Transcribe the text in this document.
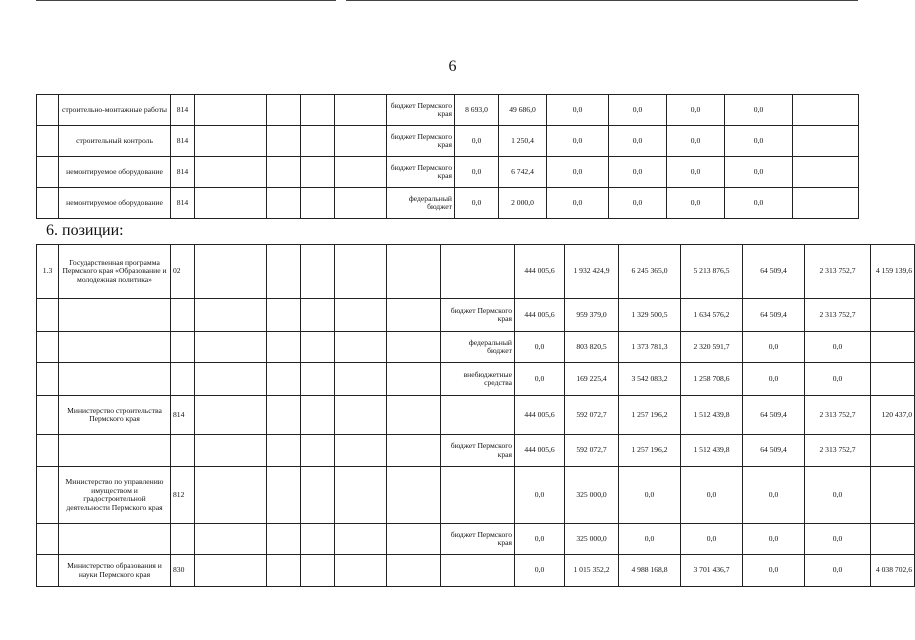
6
	строительно-монтажные работы	814					бюджет Пермского края	8 693,0	49 686,0	0,0	0,0	0,0	0,0	
	строительный контроль	814					бюджет Пермского края	0,0	1 250,4	0,0	0,0	0,0	0,0	
	немонтируемое оборудование	814					бюджет Пермского края	0,0	6 742,4	0,0	0,0	0,0	0,0	
	немонтируемое оборудование	814					федеральный бюджет	0,0	2 000,0	0,0	0,0	0,0	0,0	
6. позиции:
1.3	Государственная программа Пермского края «Образование и молодежная политика»	02							444 005,6	1 932 424,9	6 245 365,0	5 213 876,5	64 509,4	2 313 752,7	4 159 139,6
								бюджет Пермского края	444 005,6	959 379,0	1 329 500,5	1 634 576,2	64 509,4	2 313 752,7	
								федеральный бюджет	0,0	803 820,5	1 373 781,3	2 320 591,7	0,0	0,0	
								внебюджетные средства	0,0	169 225,4	3 542 083,2	1 258 708,6	0,0	0,0	
	Министерство строительства Пермского края	814							444 005,6	592 072,7	1 257 196,2	1 512 439,8	64 509,4	2 313 752,7	120 437,0
								бюджет Пермского края	444 005,6	592 072,7	1 257 196,2	1 512 439,8	64 509,4	2 313 752,7	
	Министерство по управлению имуществом и градостроительной деятельности Пермского края	812							0,0	325 000,0	0,0	0,0	0,0	0,0	
								бюджет Пермского края	0,0	325 000,0	0,0	0,0	0,0	0,0	
	Министерство образования и науки Пермского края	830							0,0	1 015 352,2	4 988 168,8	3 701 436,7	0,0	0,0	4 038 702,6
